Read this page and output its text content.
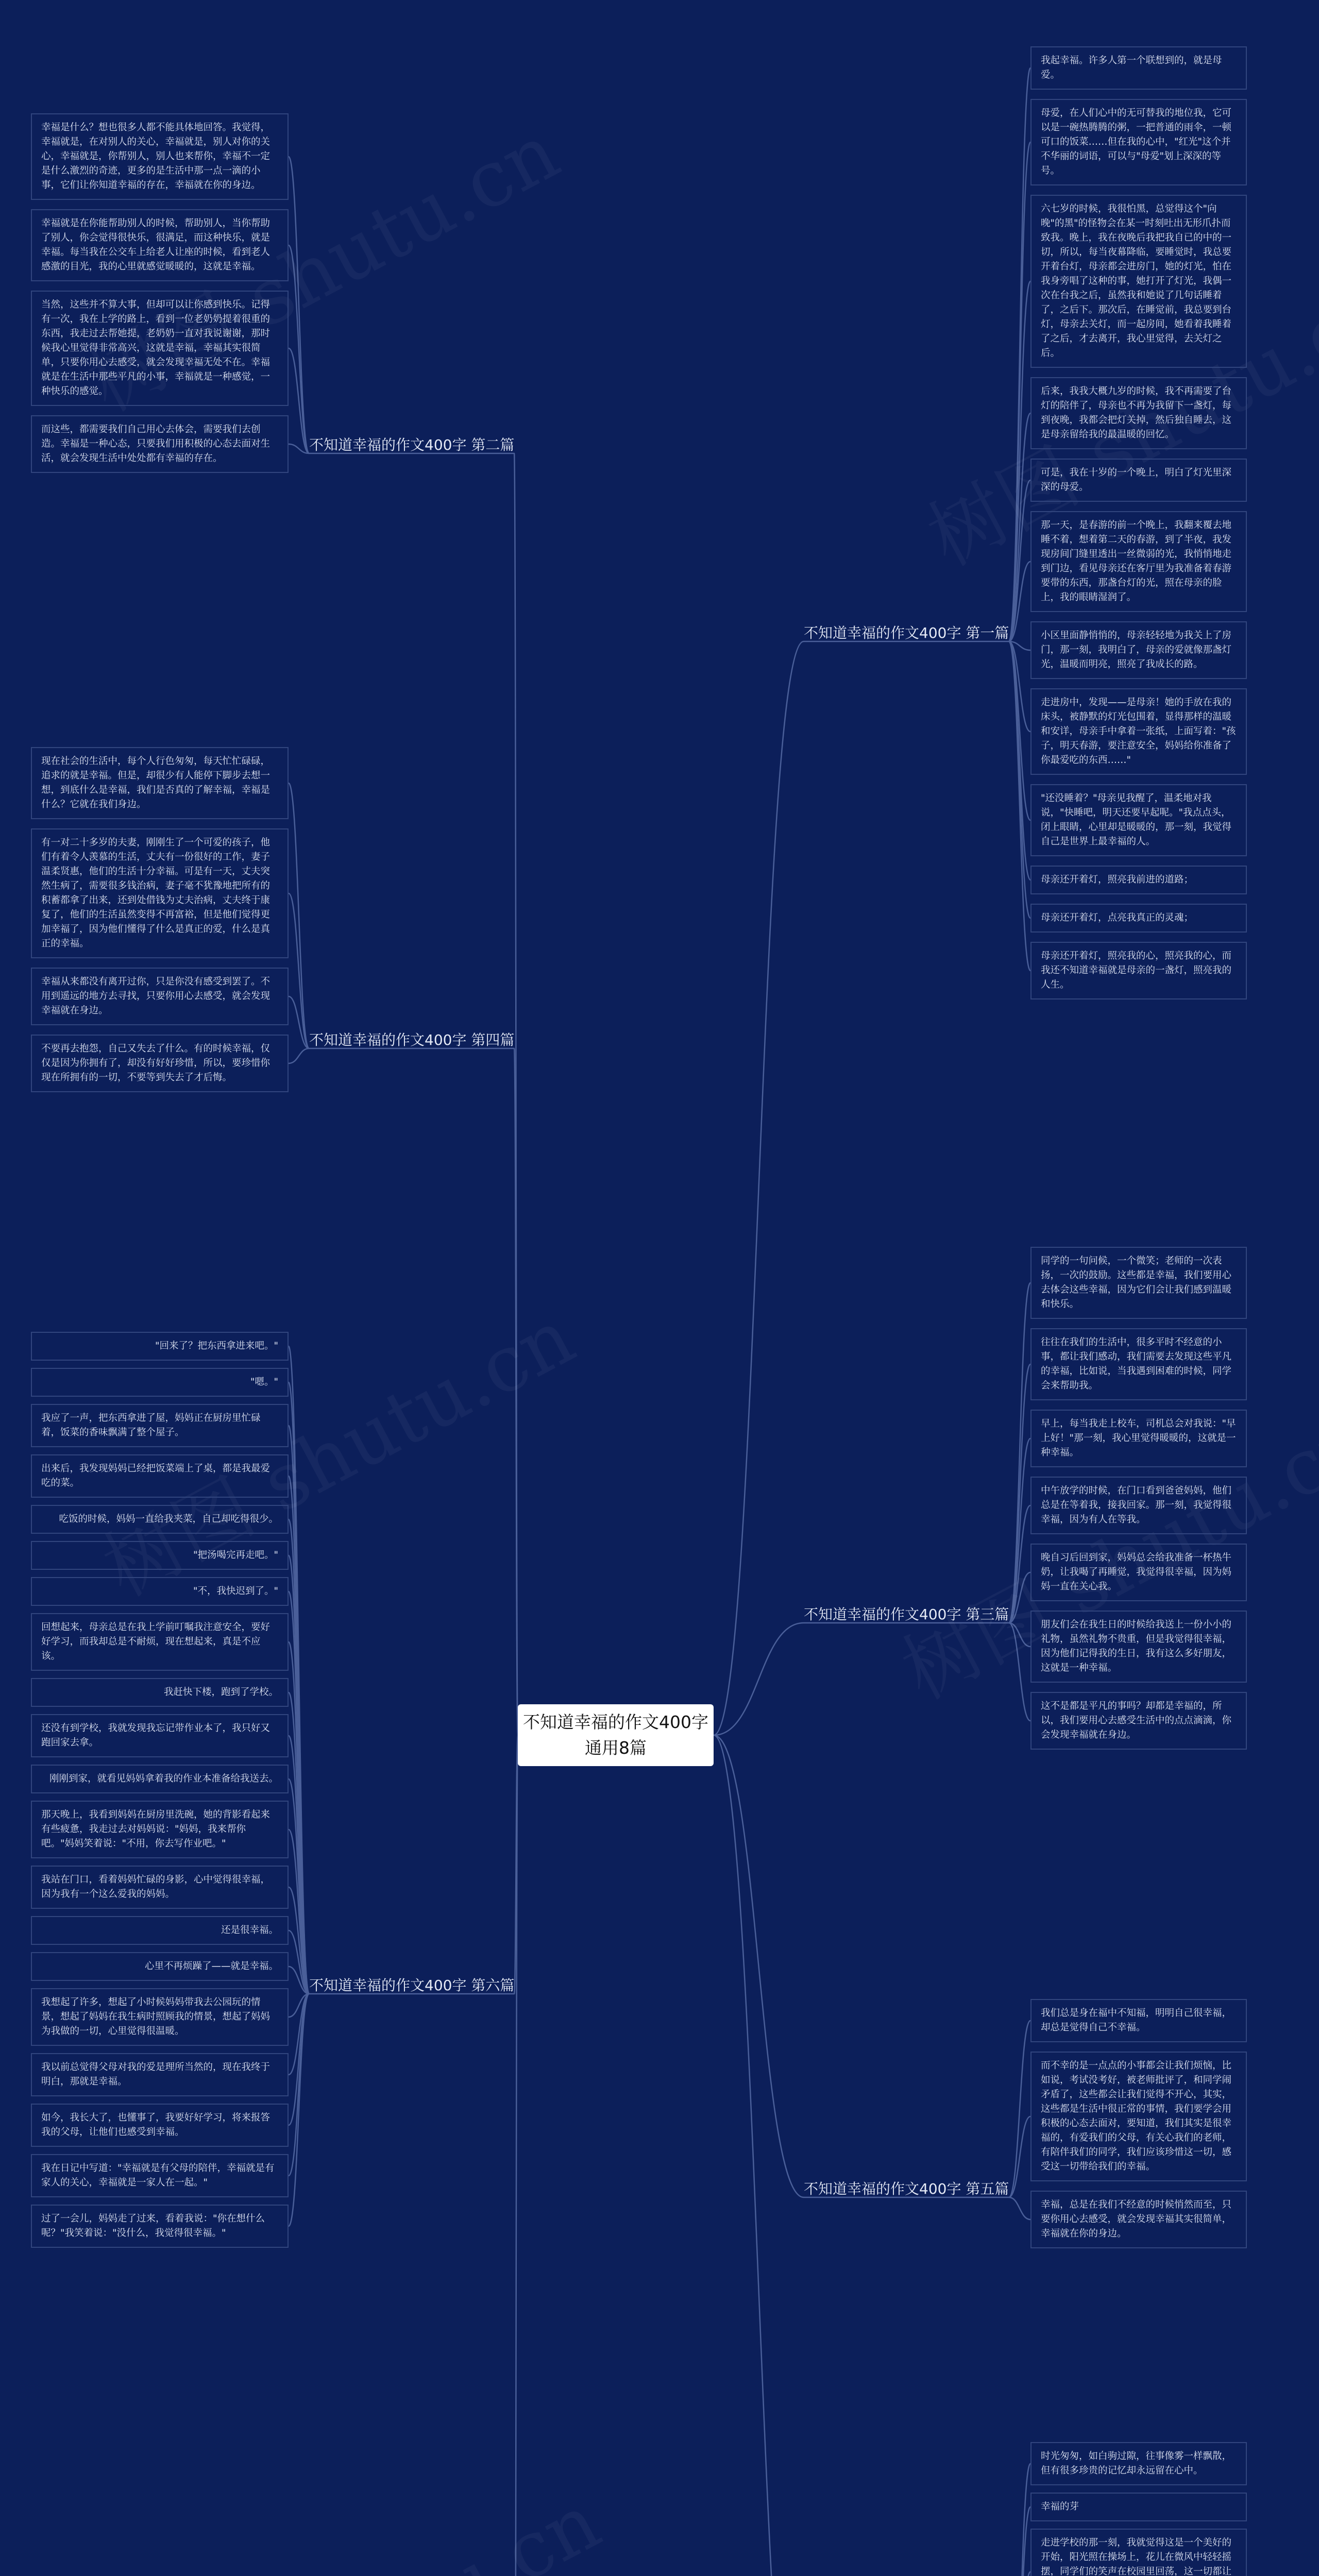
不知道幸福的作文400字
通用8篇
不知道幸福的作文400字 第一篇
我起幸福。许多人第一个联想到的，就是母爱。
母爱，在人们心中的无可替我的地位我，它可以是一碗热腾腾的粥，一把普通的雨伞，一顿可口的饭菜……但在我的心中，"红光"这个并不华丽的词语，可以与"母爱"划上深深的等号。
六七岁的时候，我很怕黑，总觉得这个"向晚"的黑"的怪物会在某一时刻吐出无形爪扑而致我。晚上，我在夜晚后我把我自已的中的一切，所以，每当夜幕降临，要睡觉时，我总要开着台灯，母亲都会进房门，她的灯光，怕在我身旁唱了这种的事，她打开了灯光，我偶一次在台我之后，虽然我和她说了几句话睡着了，之后下。那次后，在睡觉前，我总要到台灯，母亲去关灯，而一起房间，她看着我睡着了之后，才去离开，我心里觉得，去关灯之后。
后来，我我大概九岁的时候，我不再需要了台灯的陪伴了，母亲也不再为我留下一盏灯，每到夜晚，我都会把灯关掉，然后独自睡去，这是母亲留给我的最温暖的回忆。
可是，我在十岁的一个晚上，明白了灯光里深深的母爱。
那一天，是春游的前一个晚上，我翻来覆去地睡不着，想着第二天的春游，到了半夜，我发现房间门缝里透出一丝微弱的光，我悄悄地走到门边，看见母亲还在客厅里为我准备着春游要带的东西，那盏台灯的光，照在母亲的脸上，我的眼睛湿润了。
小区里面静悄悄的，母亲轻轻地为我关上了房门，那一刻，我明白了，母亲的爱就像那盏灯光，温暖而明亮，照亮了我成长的路。
走进房中，发现——是母亲！她的手放在我的床头，被静默的灯光包围着，显得那样的温暖和安详，母亲手中拿着一张纸，上面写着："孩子，明天春游，要注意安全，妈妈给你准备了你最爱吃的东西……"
"还没睡着？"母亲见我醒了，温柔地对我说，"快睡吧，明天还要早起呢。"我点点头，闭上眼睛，心里却是暖暖的，那一刻，我觉得自己是世界上最幸福的人。
母亲还开着灯，照亮我前进的道路；
母亲还开着灯，点亮我真正的灵魂；
母亲还开着灯，照亮我的心，照亮我的心，而我还不知道幸福就是母亲的一盏灯，照亮我的人生。
不知道幸福的作文400字 第二篇
幸福是什么？想也很多人都不能具体地回答。我觉得，幸福就是，在对别人的关心，幸福就是，别人对你的关心，幸福就是，你帮别人，别人也来帮你，幸福不一定是什么激烈的奇迹，更多的是生活中那一点一滴的小事，它们让你知道幸福的存在，幸福就在你的身边。
幸福就是在你能帮助别人的时候，帮助别人，当你帮助了别人，你会觉得很快乐，很满足，而这种快乐，就是幸福。每当我在公交车上给老人让座的时候，看到老人感激的目光，我的心里就感觉暖暖的，这就是幸福。
当然，这些并不算大事，但却可以让你感到快乐。记得有一次，我在上学的路上，看到一位老奶奶提着很重的东西，我走过去帮她提，老奶奶一直对我说谢谢，那时候我心里觉得非常高兴，这就是幸福，幸福其实很简单，只要你用心去感受，就会发现幸福无处不在。幸福就是在生活中那些平凡的小事，幸福就是一种感觉，一种快乐的感觉。
而这些，都需要我们自己用心去体会，需要我们去创造。幸福是一种心态，只要我们用积极的心态去面对生活，就会发现生活中处处都有幸福的存在。
不知道幸福的作文400字 第四篇
现在社会的生活中，每个人行色匆匆，每天忙忙碌碌，追求的就是幸福。但是，却很少有人能停下脚步去想一想，到底什么是幸福，我们是否真的了解幸福，幸福是什么？它就在我们身边。
有一对二十多岁的夫妻，刚刚生了一个可爱的孩子，他们有着令人羡慕的生活，丈夫有一份很好的工作，妻子温柔贤惠，他们的生活十分幸福。可是有一天，丈夫突然生病了，需要很多钱治病，妻子毫不犹豫地把所有的积蓄都拿了出来，还到处借钱为丈夫治病，丈夫终于康复了，他们的生活虽然变得不再富裕，但是他们觉得更加幸福了，因为他们懂得了什么是真正的爱，什么是真正的幸福。
幸福从来都没有离开过你，只是你没有感受到罢了。不用到遥远的地方去寻找，只要你用心去感受，就会发现幸福就在身边。
不要再去抱怨，自己又失去了什么。有的时候幸福，仅仅是因为你拥有了，却没有好好珍惜，所以，要珍惜你现在所拥有的一切，不要等到失去了才后悔。
不知道幸福的作文400字 第三篇
同学的一句问候，一个微笑；老师的一次表扬，一次的鼓励。这些都是幸福，我们要用心去体会这些幸福，因为它们会让我们感到温暖和快乐。
往往在我们的生活中，很多平时不经意的小事，都让我们感动，我们需要去发现这些平凡的幸福，比如说，当我遇到困难的时候，同学会来帮助我。
早上，每当我走上校车，司机总会对我说："早上好！"那一刻，我心里觉得暖暖的，这就是一种幸福。
中午放学的时候，在门口看到爸爸妈妈，他们总是在等着我，接我回家。那一刻，我觉得很幸福，因为有人在等我。
晚自习后回到家，妈妈总会给我准备一杯热牛奶，让我喝了再睡觉，我觉得很幸福，因为妈妈一直在关心我。
朋友们会在我生日的时候给我送上一份小小的礼物，虽然礼物不贵重，但是我觉得很幸福，因为他们记得我的生日，我有这么多好朋友，这就是一种幸福。
这不是都是平凡的事吗？却都是幸福的，所以，我们要用心去感受生活中的点点滴滴，你会发现幸福就在身边。
不知道幸福的作文400字 第五篇
我们总是身在福中不知福，明明自己很幸福，却总是觉得自己不幸福。
而不幸的是一点点的小事都会让我们烦恼，比如说，考试没考好，被老师批评了，和同学闹矛盾了，这些都会让我们觉得不开心，其实，这些都是生活中很正常的事情，我们要学会用积极的心态去面对，要知道，我们其实是很幸福的，有爱我们的父母，有关心我们的老师，有陪伴我们的同学，我们应该珍惜这一切，感受这一切带给我们的幸福。
幸福，总是在我们不经意的时候悄然而至，只要你用心去感受，就会发现幸福其实很简单，幸福就在你的身边。
时光匆匆，如白驹过隙，往事像雾一样飘散，但有很多珍贵的记忆却永远留在心中。
幸福的芽
走进学校的那一刻，我就觉得这是一个美好的开始，阳光照在操场上，花儿在微风中轻轻摇摆，同学们的笑声在校园里回荡，这一切都让
不知道幸福的作文400字 第六篇
"回来了？把东西拿进来吧。"
"嗯。"
我应了一声，把东西拿进了屋，妈妈正在厨房里忙碌着，饭菜的香味飘满了整个屋子。
出来后，我发现妈妈已经把饭菜端上了桌，都是我最爱吃的菜。
吃饭的时候，妈妈一直给我夹菜，自己却吃得很少。
"把汤喝完再走吧。"
"不，我快迟到了。"
回想起来，母亲总是在我上学前叮嘱我注意安全，要好好学习，而我却总是不耐烦，现在想起来，真是不应该。
我赶快下楼，跑到了学校。
还没有到学校，我就发现我忘记带作业本了，我只好又跑回家去拿。
刚刚到家，就看见妈妈拿着我的作业本准备给我送去。
那天晚上，我看到妈妈在厨房里洗碗，她的背影看起来有些疲惫，我走过去对妈妈说："妈妈，我来帮你吧。"妈妈笑着说："不用，你去写作业吧。"
我站在门口，看着妈妈忙碌的身影，心中觉得很幸福，因为我有一个这么爱我的妈妈。
还是很幸福。
心里不再烦躁了——就是幸福。
我想起了许多，想起了小时候妈妈带我去公园玩的情景，想起了妈妈在我生病时照顾我的情景，想起了妈妈为我做的一切，心里觉得很温暖。
我以前总觉得父母对我的爱是理所当然的，现在我终于明白，那就是幸福。
如今，我长大了，也懂事了，我要好好学习，将来报答我的父母，让他们也感受到幸福。
我在日记中写道："幸福就是有父母的陪伴，幸福就是有家人的关心，幸福就是一家人在一起。"
过了一会儿，妈妈走了过来，看着我说："你在想什么呢？"我笑着说："没什么，我觉得很幸福。"
